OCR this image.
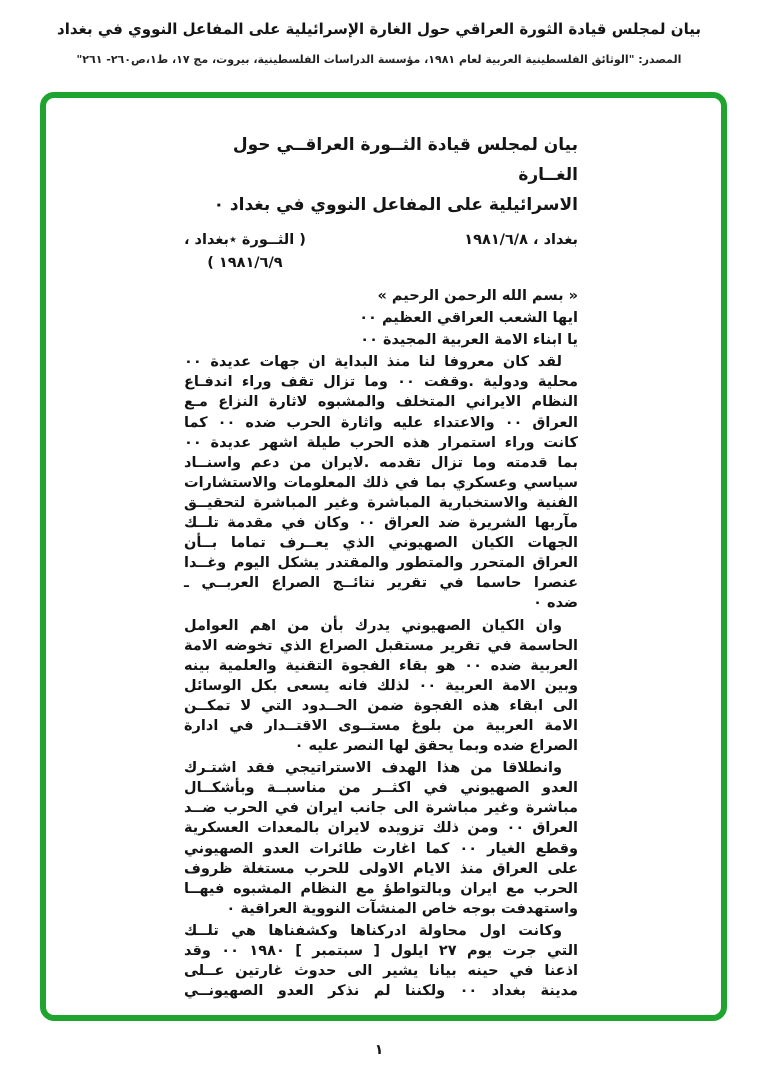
بيان لمجلس قيادة الثورة العراقي حول الغارة الإسرائيلية على المفاعل النووي في بغداد
المصدر: "الوثائق الفلسطينية العربية لعام ١٩٨١، مؤسسة الدراسات الفلسطينية، بيروت، مج ١٧، ط١،ص٢٦٠- ٢٦١"
بيان لمجلس قيادة الثــورة العراقــي حول الغــارة
الاسرائيلية على المفاعل النووي في بغداد ٠
بغداد ، ١٩٨١/٦/٨
( الثــورة ٭بغداد ،
١٩٨١/٦/٩ )
« بسم الله الرحمن الرحيم »
ايها الشعب العراقي العظيم ٠٠
يا ابناء الامة العربية المجيدة ٠٠
لقد كان معروفا لنا منذ البداية ان جهات عديدة ٠٠
محلية ودولية .وقفت ٠٠ وما تزال تقف وراء اندفـاع
النظام الايراني المتخلف والمشبوه لاثارة النزاع مـع
العراق ٠٠ والاعتداء عليه واثارة الحرب ضده ٠٠ كما
كانت وراء استمرار هذه الحرب طيلة اشهر عديدة ٠٠
بما قدمته وما تزال تقدمه .لايران من دعم واسنــاد
سياسي وعسكري بما في ذلك المعلومات والاستشارات
الفنية والاستخبارية المباشرة وغير المباشرة لتحقيــق
مآربها الشريرة ضد العراق ٠٠ وكان في مقدمة تلــك
الجهات الكيان الصهيوني الذي يعــرف تماما بــأن
العراق المتحرر والمتطور والمقتدر يشكل اليوم وغــدا
عنصرا حاسما في تقرير نتائــج الصراع العربــي ـ
ضده ٠
وان الكيان الصهيوني يدرك بأن من اهم العوامل
الحاسمة في تقرير مستقبل الصراع الذي تخوضه الامة
العربية ضده ٠٠ هو بقاء الفجوة التقنية والعلمية بينه
وبين الامة العربية ٠٠ لذلك فانه يسعى بكل الوسائل
الى ابقاء هذه الفجوة ضمن الحــدود التي لا تمكــن
الامة العربية من بلوغ مستــوى الاقتــدار في ادارة
الصراع ضده وبما يحقق لها النصر عليه ٠
وانطلاقا من هذا الهدف الاستراتيجي فقد اشتـرك
العدو الصهيوني في اكثــر من مناسبــة وبأشكــال
مباشرة وغير مباشرة الى جانب ايران في الحرب ضــد
العراق ٠٠ ومن ذلك تزويده لايران بالمعدات العسكرية
وقطع الغيار ٠٠ كما اغارت طائرات العدو الصهيوني
على العراق منذ الايام الاولى للحرب مستغلة ظروف
الحرب مع ايران وبالتواطؤ مع النظام المشبوه فيهــا
واستهدفت بوجه خاص المنشآت النووية العراقية ٠
وكانت اول محاولة ادركناها وكشفناها هي تلــك
التي جرت يوم ٢٧ ايلول [ سبتمبر ] ١٩٨٠ ٠٠ وقد
اذعنا في حينه بيانا يشير الى حدوث غارتين عــلى
مدينة بغداد ٠٠ ولكننا لم نذكر العدو الصهيونــي
١
